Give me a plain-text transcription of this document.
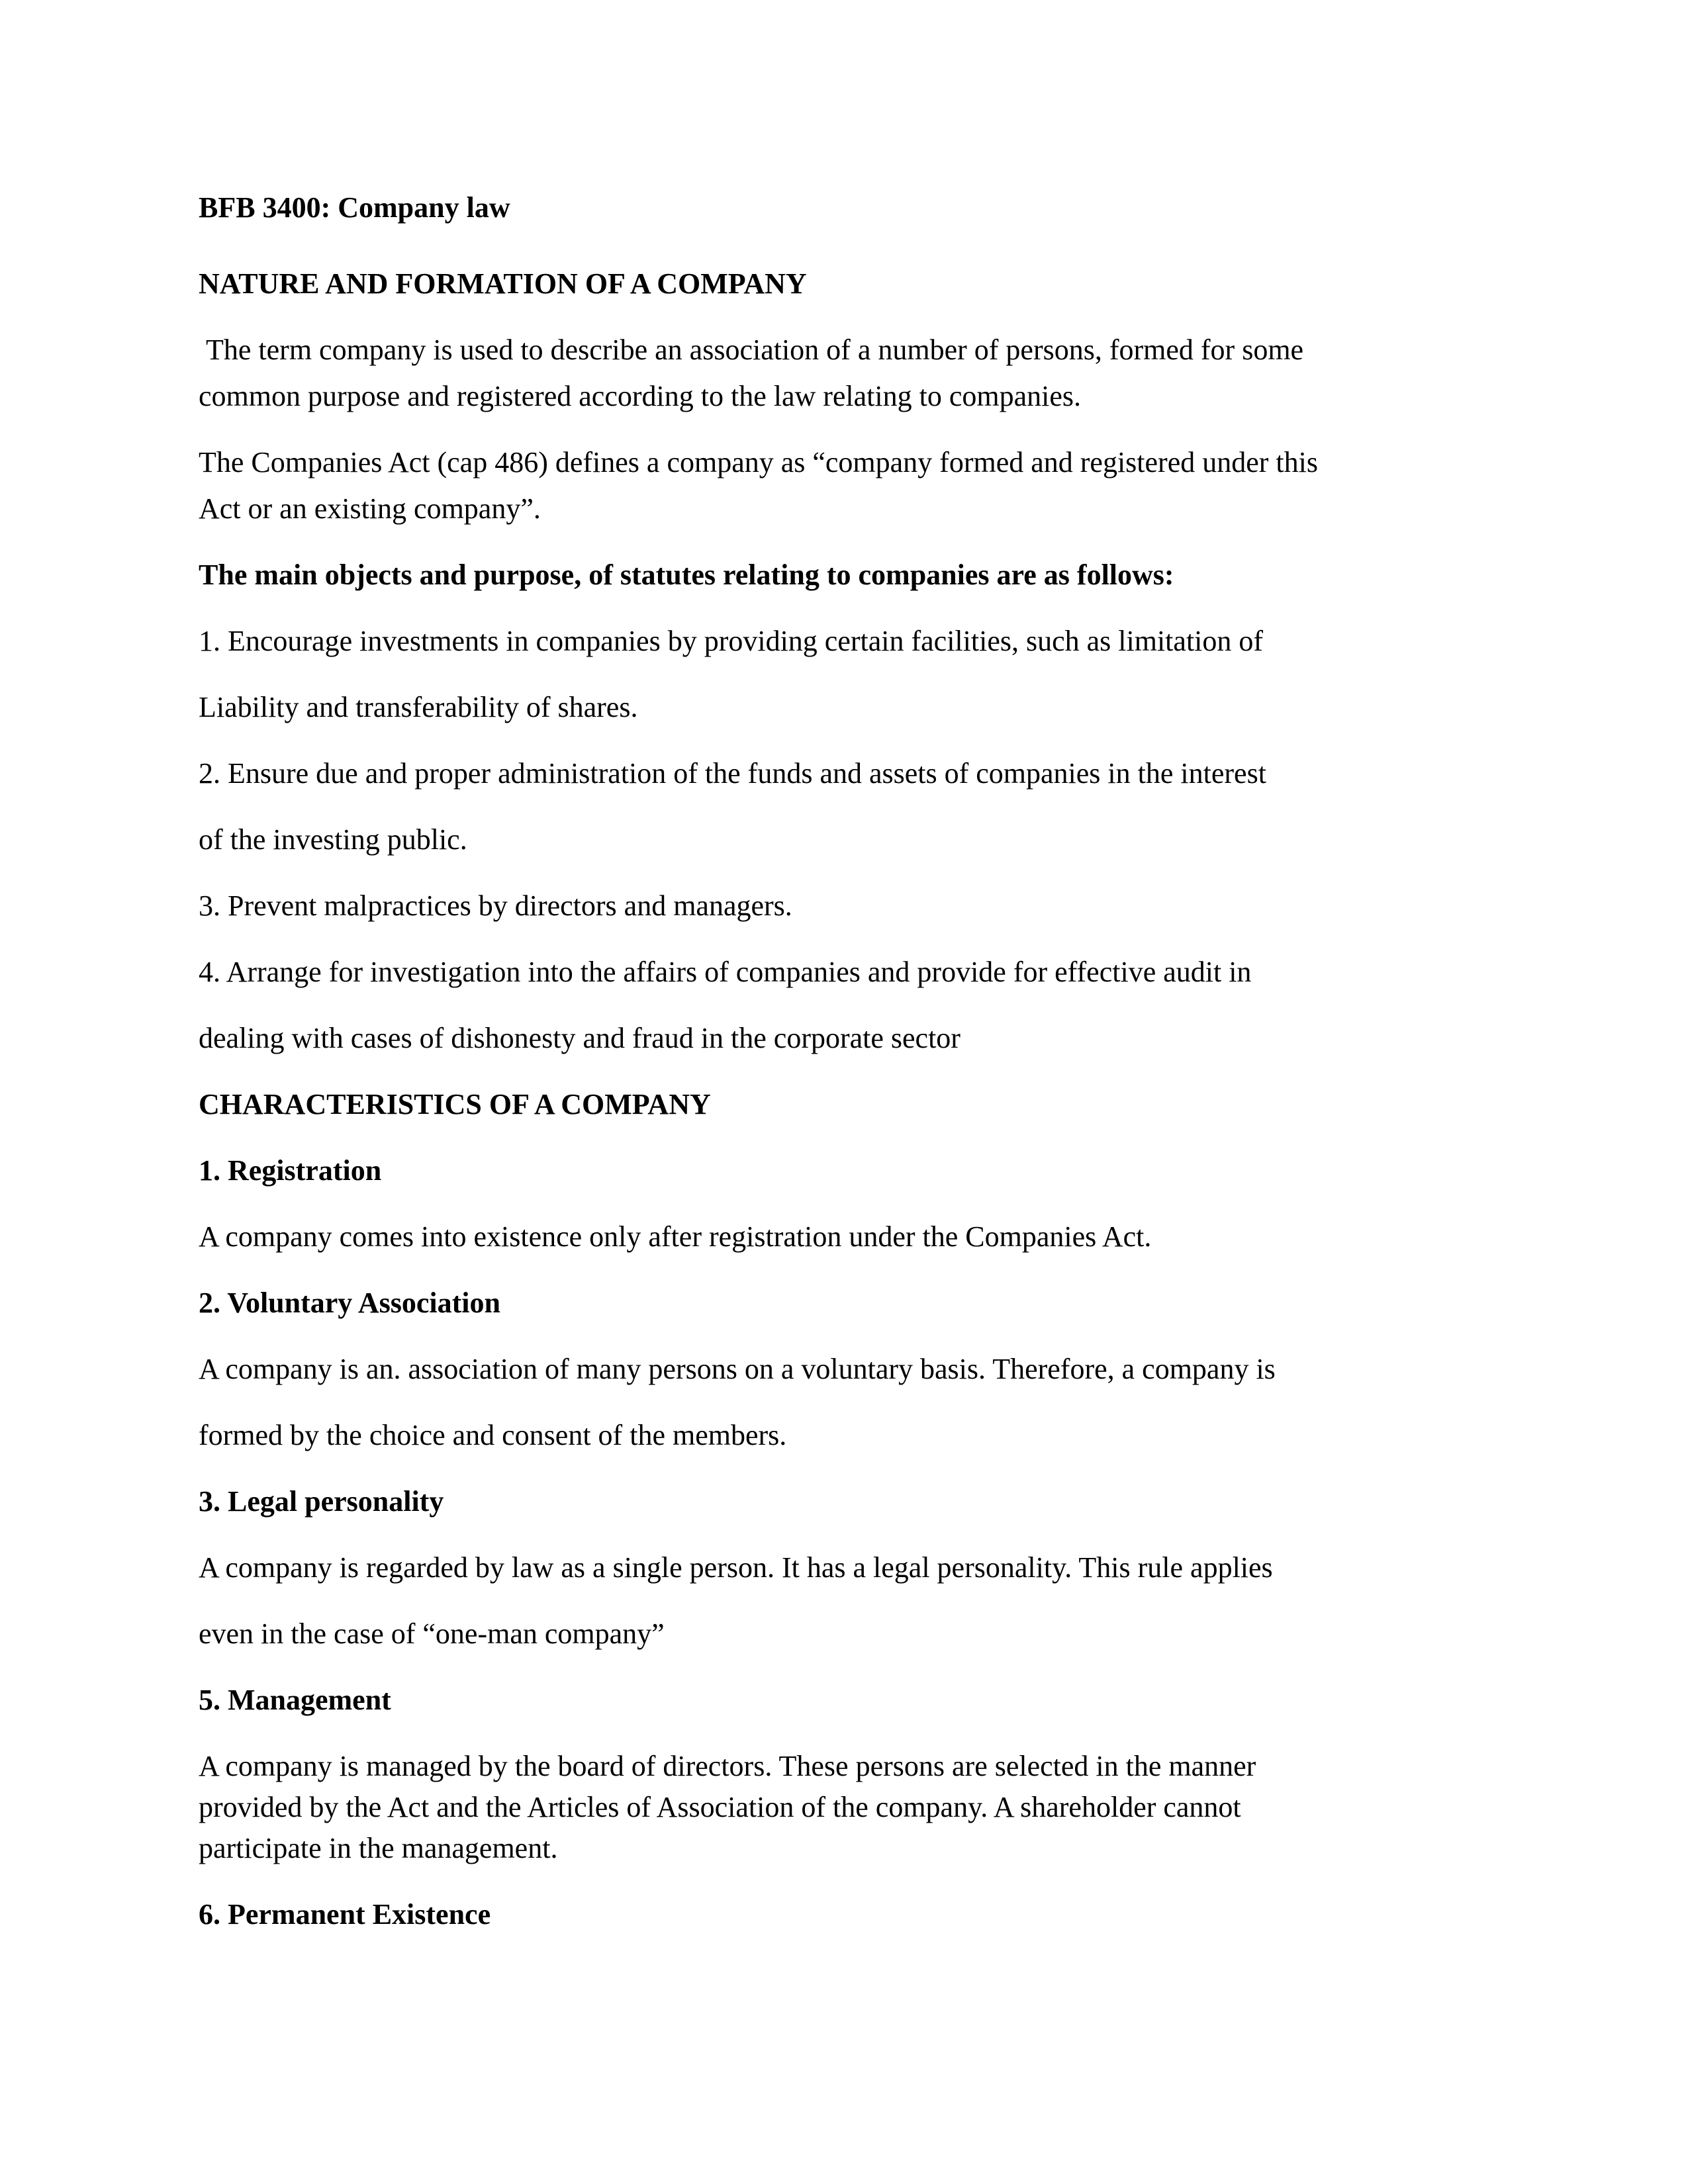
BFB 3400: Company law
NATURE AND FORMATION OF A COMPANY
The term company is used to describe an association of a number of persons, formed for some
common purpose and registered according to the law relating to companies.
The Companies Act (cap 486) defines a company as “company formed and registered under this
Act or an existing company”.
The main objects and purpose, of statutes relating to companies are as follows:
1. Encourage investments in companies by providing certain facilities, such as limitation of
Liability and transferability of shares.
2. Ensure due and proper administration of the funds and assets of companies in the interest
of the investing public.
3. Prevent malpractices by directors and managers.
4. Arrange for investigation into the affairs of companies and provide for effective audit in
dealing with cases of dishonesty and fraud in the corporate sector
CHARACTERISTICS OF A COMPANY
1. Registration
A company comes into existence only after registration under the Companies Act.
2. Voluntary Association
A company is an. association of many persons on a voluntary basis. Therefore, a company is
formed by the choice and consent of the members.
3. Legal personality
A company is regarded by law as a single person. It has a legal personality. This rule applies
even in the case of “one-man company”
5. Management
A company is managed by the board of directors. These persons are selected in the manner
provided by the Act and the Articles of Association of the company. A shareholder cannot
participate in the management.
6. Permanent Existence
